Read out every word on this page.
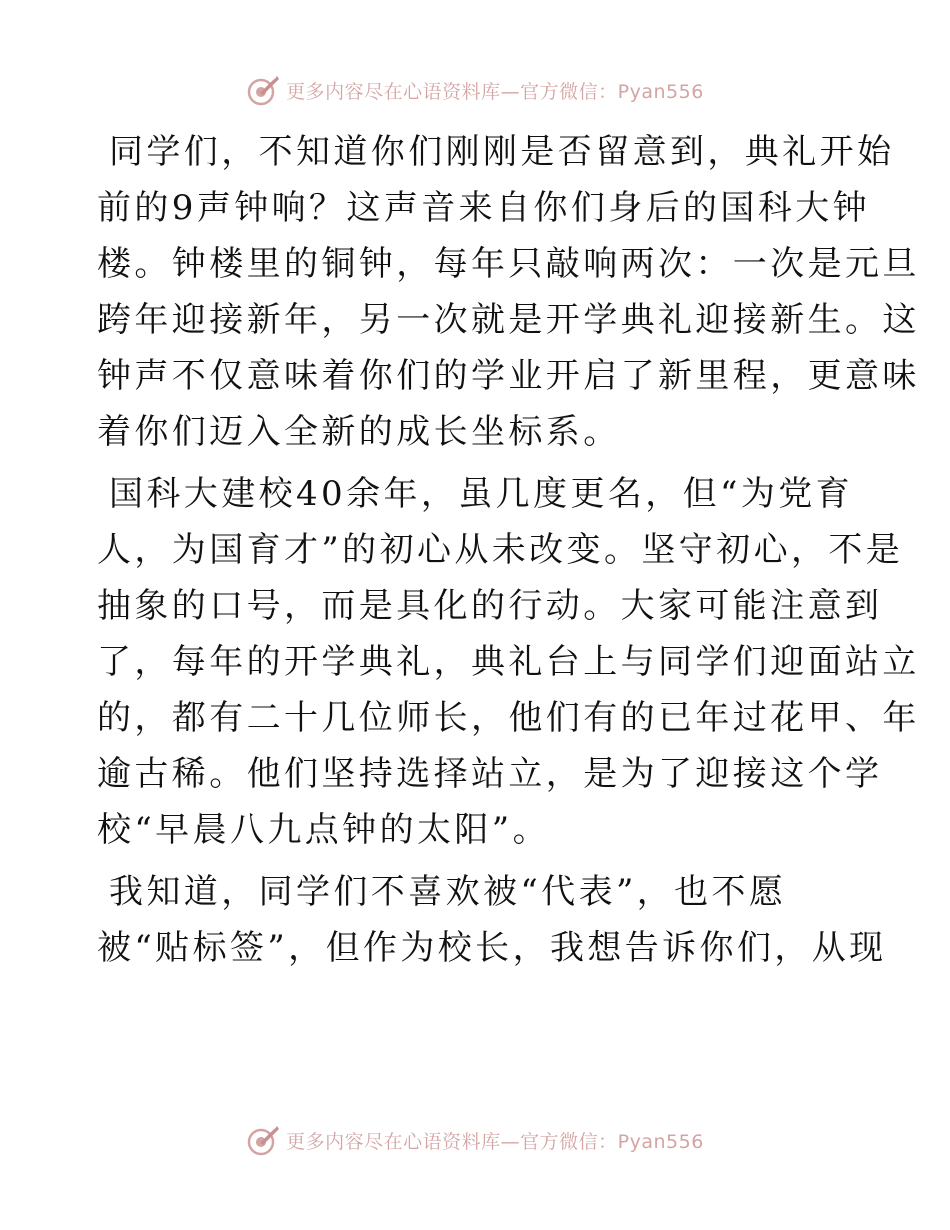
更多内容尽在心语资料库—官方微信：Pyan556
同学们，不知道你们刚刚是否留意到，典礼开始
前的9声钟响？这声音来自你们身后的国科大钟
楼。钟楼里的铜钟，每年只敲响两次：一次是元旦
跨年迎接新年，另一次就是开学典礼迎接新生。这
钟声不仅意味着你们的学业开启了新里程，更意味
着你们迈入全新的成长坐标系。
国科大建校40余年，虽几度更名，但“为党育
人，为国育才”的初心从未改变。坚守初心，不是
抽象的口号，而是具化的行动。大家可能注意到
了，每年的开学典礼，典礼台上与同学们迎面站立
的，都有二十几位师长，他们有的已年过花甲、年
逾古稀。他们坚持选择站立，是为了迎接这个学
校“早晨八九点钟的太阳”。
我知道，同学们不喜欢被“代表”，也不愿
被“贴标签”，但作为校长，我想告诉你们，从现
更多内容尽在心语资料库—官方微信：Pyan556
